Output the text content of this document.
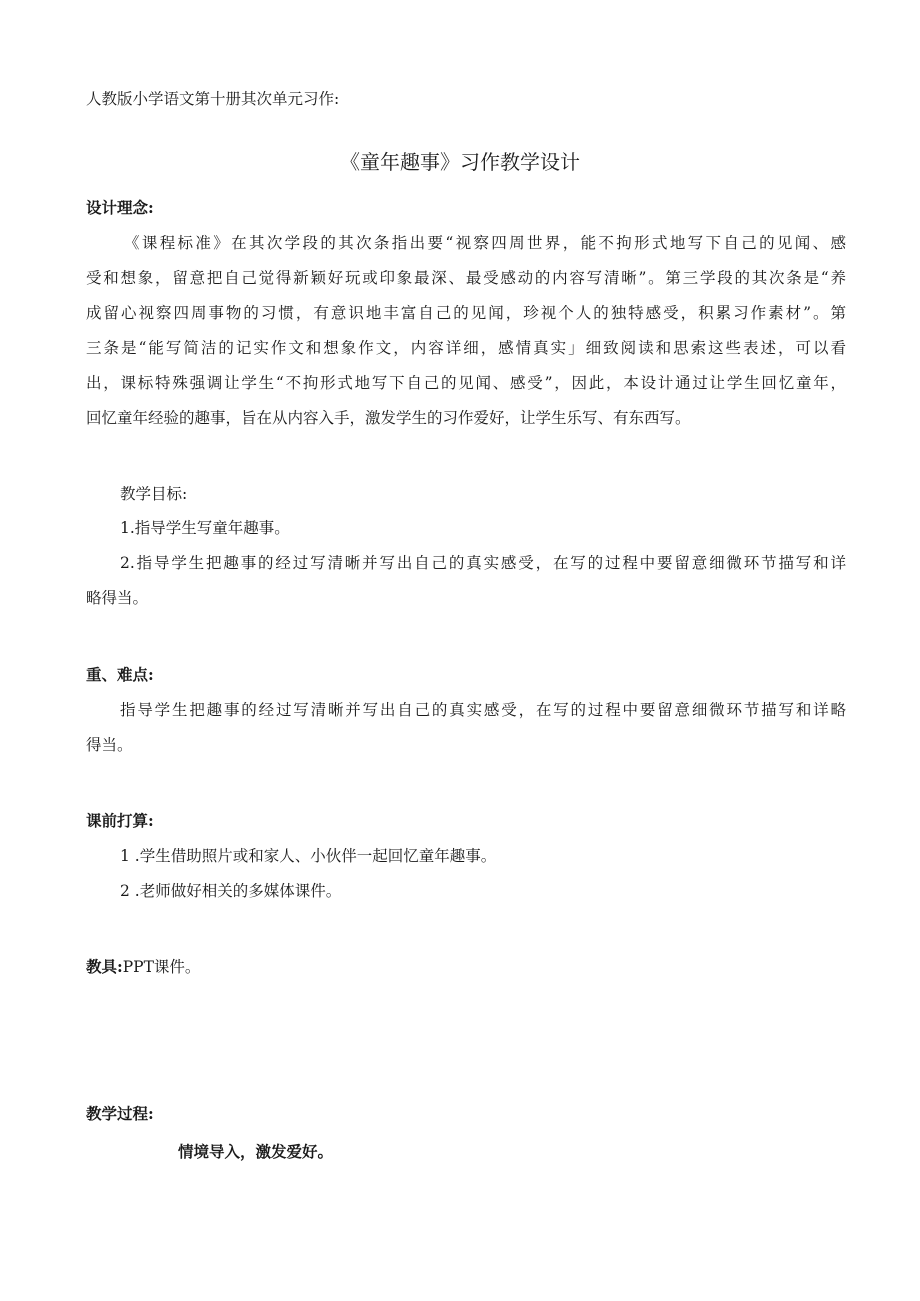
人教版小学语文第十册其次单元习作:
《童年趣事》习作教学设计
设计理念:
《课程标准》在其次学段的其次条指出要“视察四周世界，能不拘形式地写下自己的见闻、感
受和想象，留意把自己觉得新颖好玩或印象最深、最受感动的内容写清晰”。第三学段的其次条是“养
成留心视察四周事物的习惯，有意识地丰富自己的见闻，珍视个人的独特感受，积累习作素材”。第
三条是“能写简洁的记实作文和想象作文，内容详细，感情真实」细致阅读和思索这些表述，可以看
出，课标特殊强调让学生“不拘形式地写下自己的见闻、感受”，因此，本设计通过让学生回忆童年，
回忆童年经验的趣事，旨在从内容入手，激发学生的习作爱好，让学生乐写、有东西写。
教学目标:
1.指导学生写童年趣事。
2.指导学生把趣事的经过写清晰并写出自己的真实感受，在写的过程中要留意细微环节描写和详
略得当。
重、难点:
指导学生把趣事的经过写清晰并写出自己的真实感受，在写的过程中要留意细微环节描写和详略
得当。
课前打算:
1 .学生借助照片或和家人、小伙伴一起回忆童年趣事。
2 .老师做好相关的多媒体课件。
教具:PPT课件。
教学过程:
情境导入，激发爱好。
